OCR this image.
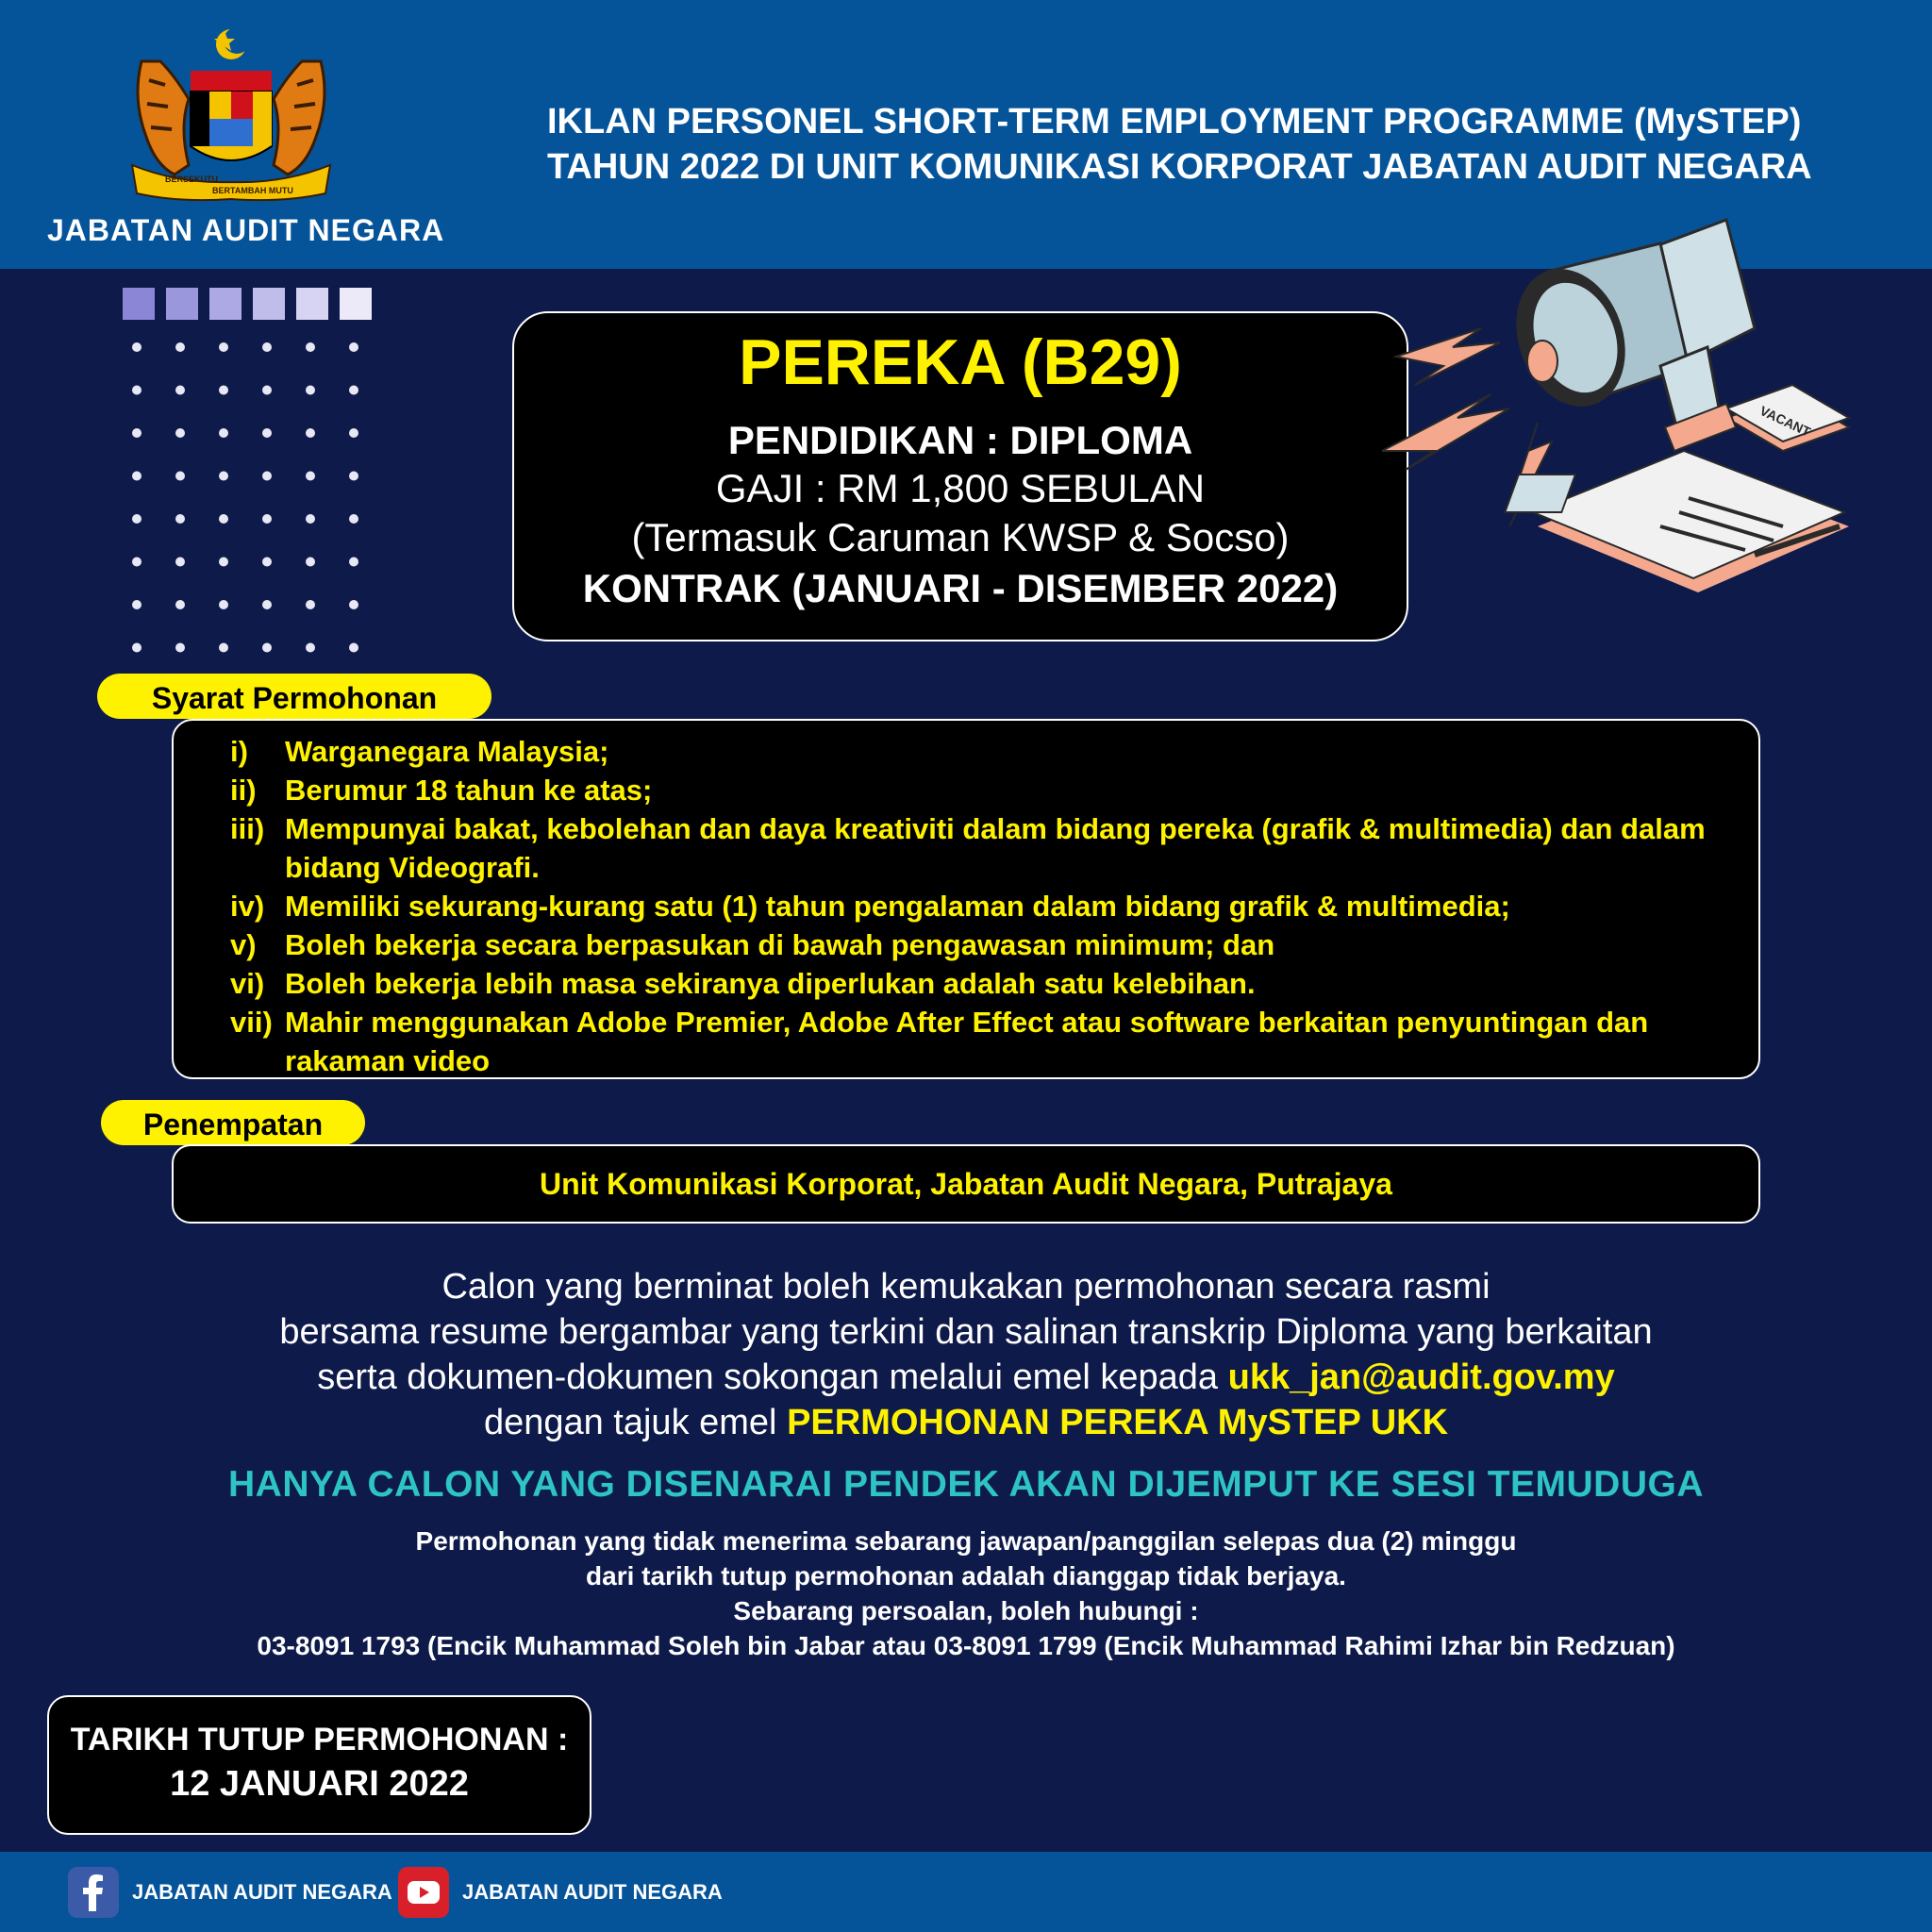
BERSEKUTU
BERTAMBAH MUTU
JABATAN AUDIT NEGARA
IKLAN PERSONEL SHORT-TERM EMPLOYMENT PROGRAMME (MySTEP)
TAHUN 2022 DI UNIT KOMUNIKASI KORPORAT JABATAN AUDIT NEGARA
PEREKA (B29)
PENDIDIKAN : DIPLOMA
GAJI : RM 1,800 SEBULAN
(Termasuk Caruman KWSP & Socso)
KONTRAK (JANUARI - DISEMBER 2022)
VACANT
Syarat Permohonan
i)	Warganegara Malaysia;
ii) Berumur 18 tahun ke atas;
iii) Mempunyai bakat, kebolehan dan daya kreativiti dalam bidang pereka (grafik & multimedia) dan dalam bidang Videografi.
iv) Memiliki sekurang-kurang satu (1) tahun pengalaman dalam bidang grafik & multimedia;
v) Boleh bekerja secara berpasukan di bawah pengawasan minimum; dan
vi) Boleh bekerja lebih masa sekiranya diperlukan adalah satu kelebihan.
vii) Mahir menggunakan Adobe Premier, Adobe After Effect atau software berkaitan penyuntingan dan rakaman video
Penempatan
Unit Komunikasi Korporat, Jabatan Audit Negara, Putrajaya
Calon yang berminat boleh kemukakan permohonan secara rasmi
bersama resume bergambar yang terkini dan salinan transkrip Diploma yang berkaitan
serta dokumen-dokumen sokongan melalui emel kepada ukk_jan@audit.gov.my
dengan tajuk emel PERMOHONAN PEREKA MySTEP UKK
HANYA CALON YANG DISENARAI PENDEK AKAN DIJEMPUT KE SESI TEMUDUGA
Permohonan yang tidak menerima sebarang jawapan/panggilan selepas dua (2) minggu
dari tarikh tutup permohonan adalah dianggap tidak berjaya.
Sebarang persoalan, boleh hubungi :
03-8091 1793 (Encik Muhammad Soleh bin Jabar atau 03-8091 1799 (Encik Muhammad Rahimi Izhar bin Redzuan)
TARIKH TUTUP PERMOHONAN :
12 JANUARI 2022
JABATAN AUDIT NEGARA	JABATAN AUDIT NEGARA
